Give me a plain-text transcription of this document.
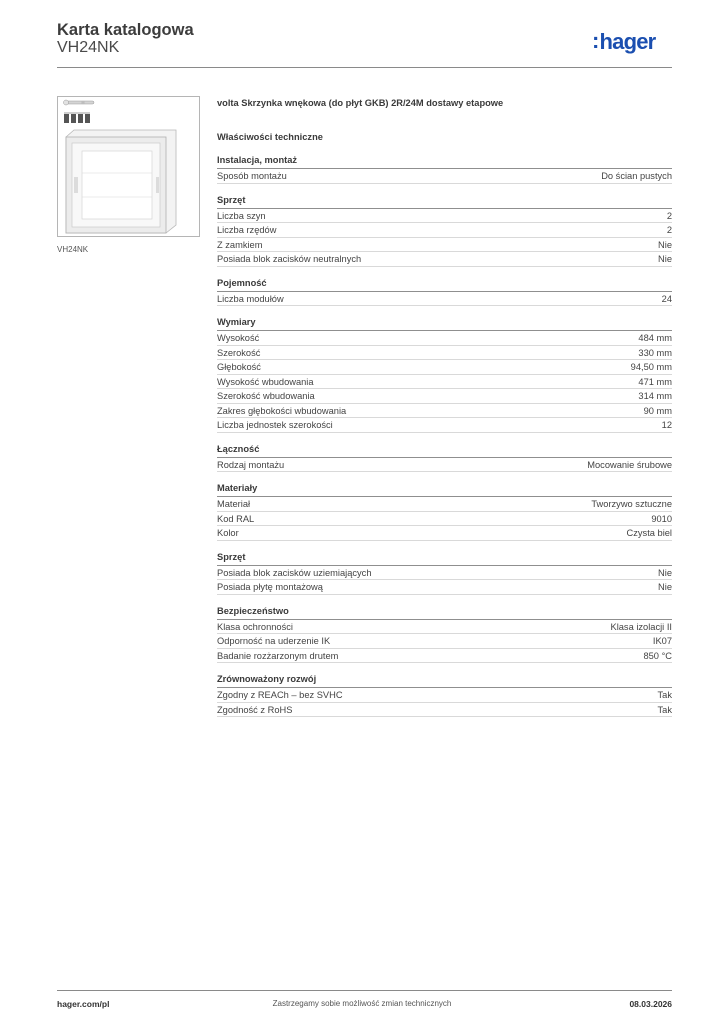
Karta katalogowa
VH24NK	:hager
VH24NK
volta Skrzynka wnękowa (do płyt GKB) 2R/24M dostawy etapowe
Właściwości techniczne
Instalacja, montaż
Sposób montażu	Do ścian pustych
Sprzęt
Liczba szyn	2
Liczba rzędów	2
Z zamkiem	Nie
Posiada blok zacisków neutralnych	Nie
Pojemność
Liczba modułów	24
Wymiary
Wysokość	484 mm
Szerokość	330 mm
Głębokość	94,50 mm
Wysokość wbudowania	471 mm
Szerokość wbudowania	314 mm
Zakres głębokości wbudowania	90 mm
Liczba jednostek szerokości	12
Łączność
Rodzaj montażu	Mocowanie śrubowe
Materiały
Materiał	Tworzywo sztuczne
Kod RAL	9010
Kolor	Czysta biel
Sprzęt
Posiada blok zacisków uziemiających	Nie
Posiada płytę montażową	Nie
Bezpieczeństwo
Klasa ochronności	Klasa izolacji II
Odporność na uderzenie IK	IK07
Badanie rozżarzonym drutem	850 °C
Zrównoważony rozwój
Zgodny z REACh – bez SVHC	Tak
Zgodność z RoHS	Tak
hager.com/pl	Zastrzegamy sobie możliwość zmian technicznych	08.03.2026
